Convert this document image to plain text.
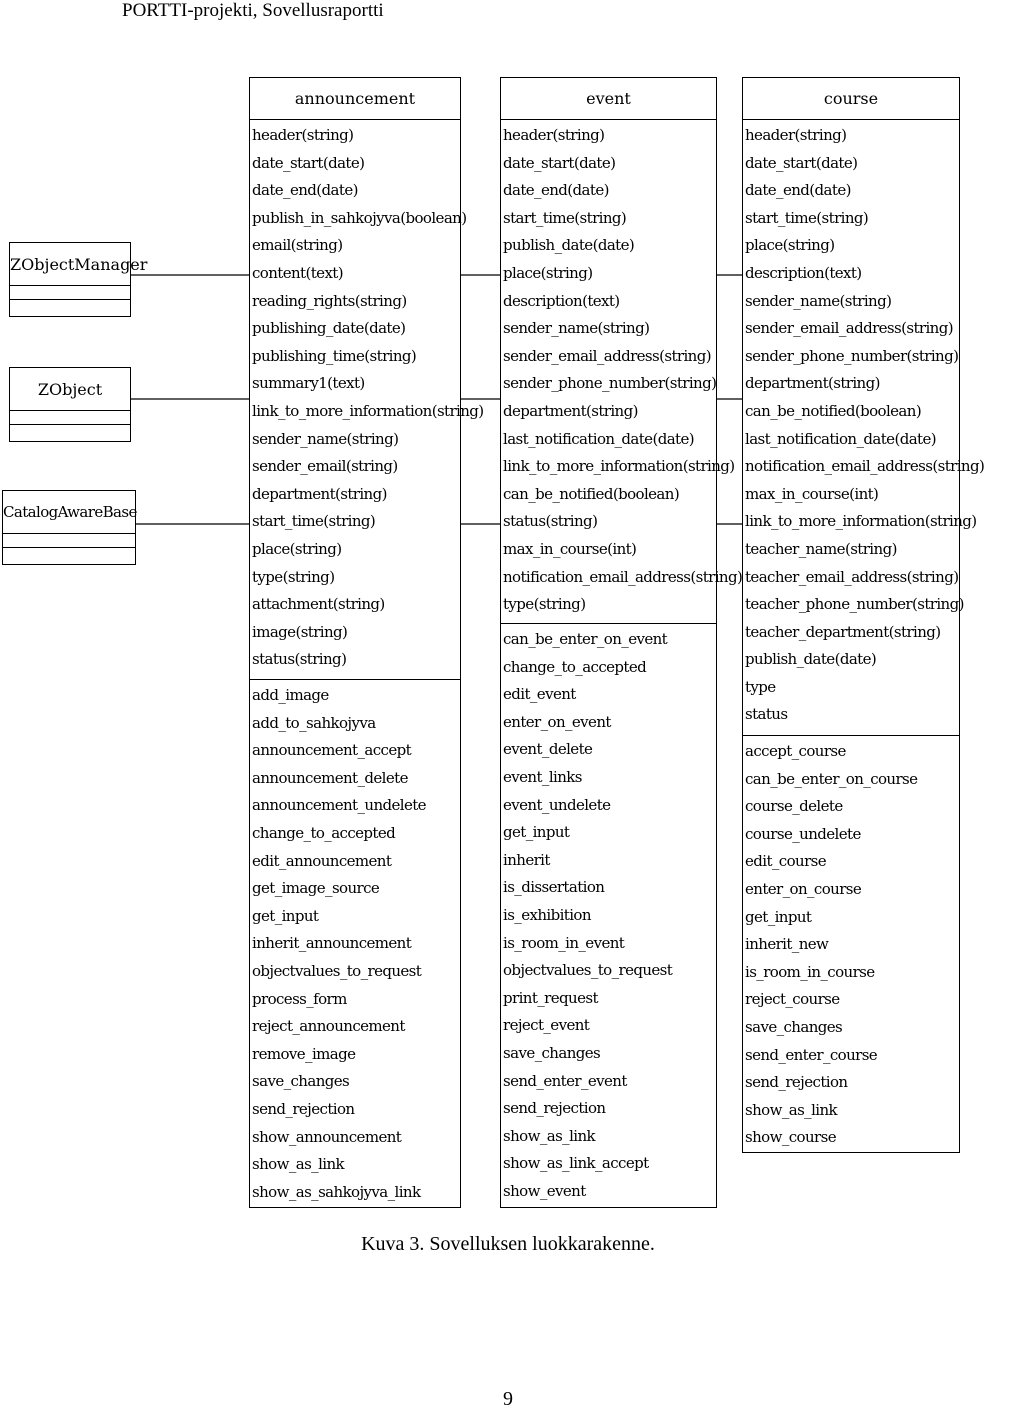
PORTTI-projekti, Sovellusraportti
ZObjectManager
ZObject
CatalogAwareBase
announcement
header(string)
date_start(date)
date_end(date)
publish_in_sahkojyva(boolean)
email(string)
content(text)
reading_rights(string)
publishing_date(date)
publishing_time(string)
summary1(text)
link_to_more_information(string)
sender_name(string)
sender_email(string)
department(string)
start_time(string)
place(string)
type(string)
attachment(string)
image(string)
status(string)
add_image
add_to_sahkojyva
announcement_accept
announcement_delete
announcement_undelete
change_to_accepted
edit_announcement
get_image_source
get_input
inherit_announcement
objectvalues_to_request
process_form
reject_announcement
remove_image
save_changes
send_rejection
show_announcement
show_as_link
show_as_sahkojyva_link
event
header(string)
date_start(date)
date_end(date)
start_time(string)
publish_date(date)
place(string)
description(text)
sender_name(string)
sender_email_address(string)
sender_phone_number(string)
department(string)
last_notification_date(date)
link_to_more_information(string)
can_be_notified(boolean)
status(string)
max_in_course(int)
notification_email_address(string)
type(string)
can_be_enter_on_event
change_to_accepted
edit_event
enter_on_event
event_delete
event_links
event_undelete
get_input
inherit
is_dissertation
is_exhibition
is_room_in_event
objectvalues_to_request
print_request
reject_event
save_changes
send_enter_event
send_rejection
show_as_link
show_as_link_accept
show_event
course
header(string)
date_start(date)
date_end(date)
start_time(string)
place(string)
description(text)
sender_name(string)
sender_email_address(string)
sender_phone_number(string)
department(string)
can_be_notified(boolean)
last_notification_date(date)
notification_email_address(string)
max_in_course(int)
link_to_more_information(string)
teacher_name(string)
teacher_email_address(string)
teacher_phone_number(string)
teacher_department(string)
publish_date(date)
type
status
accept_course
can_be_enter_on_course
course_delete
course_undelete
edit_course
enter_on_course
get_input
inherit_new
is_room_in_course
reject_course
save_changes
send_enter_course
send_rejection
show_as_link
show_course
Kuva 3. Sovelluksen luokkarakenne.
9
